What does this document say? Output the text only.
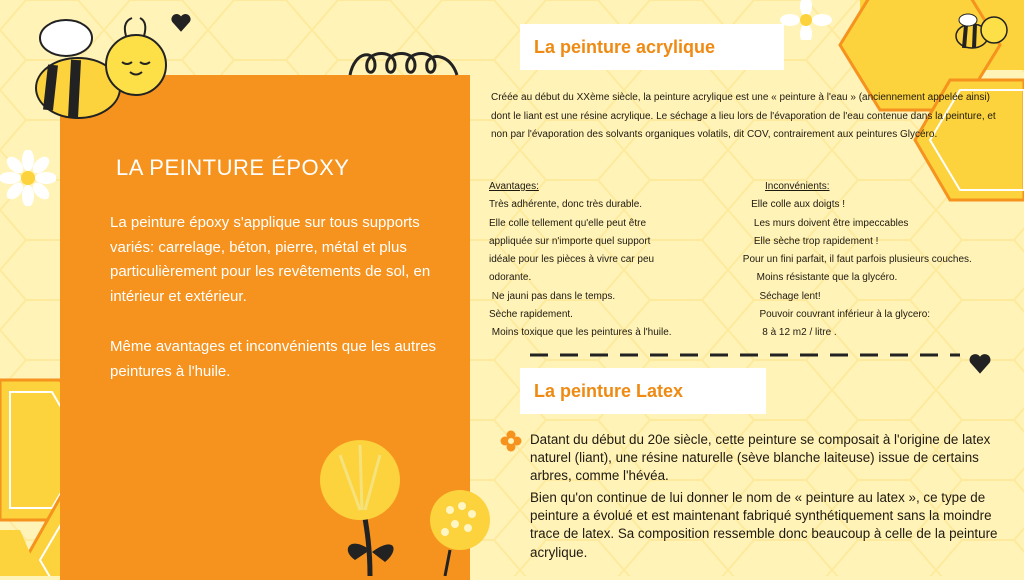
LA PEINTURE ÉPOXY

La peinture époxy s'applique sur tous supports variés: carrelage, béton, pierre, métal et plus particulièrement pour les revêtements de sol, en intérieur et extérieur.

Même avantages et inconvénients que les autres peintures à l'huile.

La peinture acrylique

Créée au début du XXème siècle, la peinture acrylique est une « peinture à l'eau » (anciennement appelée ainsi) dont le liant est une résine acrylique. Le séchage a lieu lors de l'évaporation de l'eau contenue dans la peinture, et non par l'évaporation des solvants organiques volatils, dit COV, contrairement aux peintures Glycéro.

Avantages:
Très adhérente, donc très durable.
Elle colle tellement qu'elle peut être
appliquée sur n'importe quel support
idéale pour les pièces à vivre car peu
odorante.
Ne jauni pas dans le temps.
Sèche rapidement.
Moins toxique que les peintures à l'huile.
Inconvénients:
Elle colle aux doigts !
Les murs doivent être impeccables
Elle sèche trop rapidement !
Pour un fini parfait, il faut parfois plusieurs couches.
Moins résistante que la glycéro.
Séchage lent!
Pouvoir couvrant inférieur à la glycero:
8 à 12 m2 / litre .
La peinture Latex

Datant du début du 20e siècle, cette peinture se composait à l'origine de latex naturel (liant), une résine naturelle (sève blanche laiteuse) issue de certains arbres, comme l'hévéa.

Bien qu'on continue de lui donner le nom de « peinture au latex », ce type de peinture a évolué et est maintenant fabriqué synthétiquement sans la moindre trace de latex. Sa composition ressemble donc beaucoup à celle de la peinture acrylique.
